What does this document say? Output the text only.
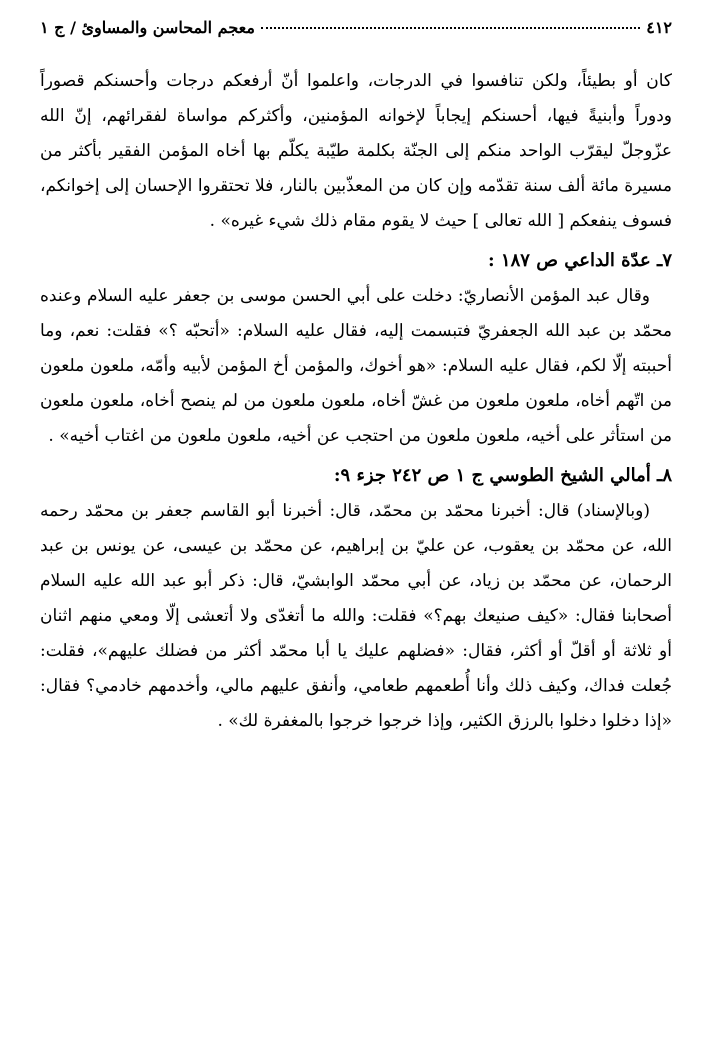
٤١٢
معجم المحاسن والمساوئ / ج ١

كان أو بطيئاً، ولكن تنافسوا في الدرجات، واعلموا أنّ أرفعكم درجات وأحسنكم قصوراً ودوراً وأبنيةً فيها، أحسنكم إيجاباً لإخوانه المؤمنين، وأكثركم مواساة لفقرائهم، إنّ الله عزّوجلّ ليقرّب الواحد منكم إلى الجنّة بكلمة طيّبة يكلّم بها أخاه المؤمن الفقير بأكثر من مسيرة مائة ألف سنة تقدّمه وإن كان من المعذّبين بالنار، فلا تحتقروا الإحسان إلى إخوانكم، فسوف ينفعكم [ الله تعالى ] حيث لا يقوم مقام ذلك شيء غيره» .

٧ـ عدّة الداعي ص ١٨٧ :

وقال عبد المؤمن الأنصاريّ: دخلت على أبي الحسن موسى بن جعفر عليه السلام وعنده محمّد بن عبد الله الجعفريّ فتبسمت إليه، فقال عليه السلام: «أتحبّه ؟» فقلت: نعم، وما أحببته إلّا لكم، فقال عليه السلام: «هو أخوك، والمؤمن أخ المؤمن لأبيه وأمّه، ملعون ملعون من اتّهم أخاه، ملعون ملعون من غشّ أخاه، ملعون ملعون من لم ينصح أخاه، ملعون ملعون من استأثر على أخيه، ملعون ملعون من احتجب عن أخيه، ملعون ملعون من اغتاب أخيه» .

٨ـ أمالي الشيخ الطوسي ج ١ ص ٢٤٢ جزء ٩:

(وبالإسناد) قال: أخبرنا محمّد بن محمّد، قال: أخبرنا أبو القاسم جعفر بن محمّد رحمه الله، عن محمّد بن يعقوب، عن عليّ بن إبراهيم، عن محمّد بن عيسى، عن يونس بن عبد الرحمان، عن محمّد بن زياد، عن أبي محمّد الوابشيّ، قال: ذكر أبو عبد الله عليه السلام أصحابنا فقال: «كيف صنيعك بهم؟» فقلت: والله ما أتغدّى ولا أتعشى إلّا ومعي منهم اثنان أو ثلاثة أو أقلّ أو أكثر، فقال: «فضلهم عليك يا أبا محمّد أكثر من فضلك عليهم»، فقلت: جُعلت فداك، وكيف ذلك وأنا أُطعمهم طعامي، وأنفق عليهم مالي، وأخدمهم خادمي؟ فقال: «إذا دخلوا دخلوا بالرزق الكثير، وإذا خرجوا خرجوا بالمغفرة لك» .
